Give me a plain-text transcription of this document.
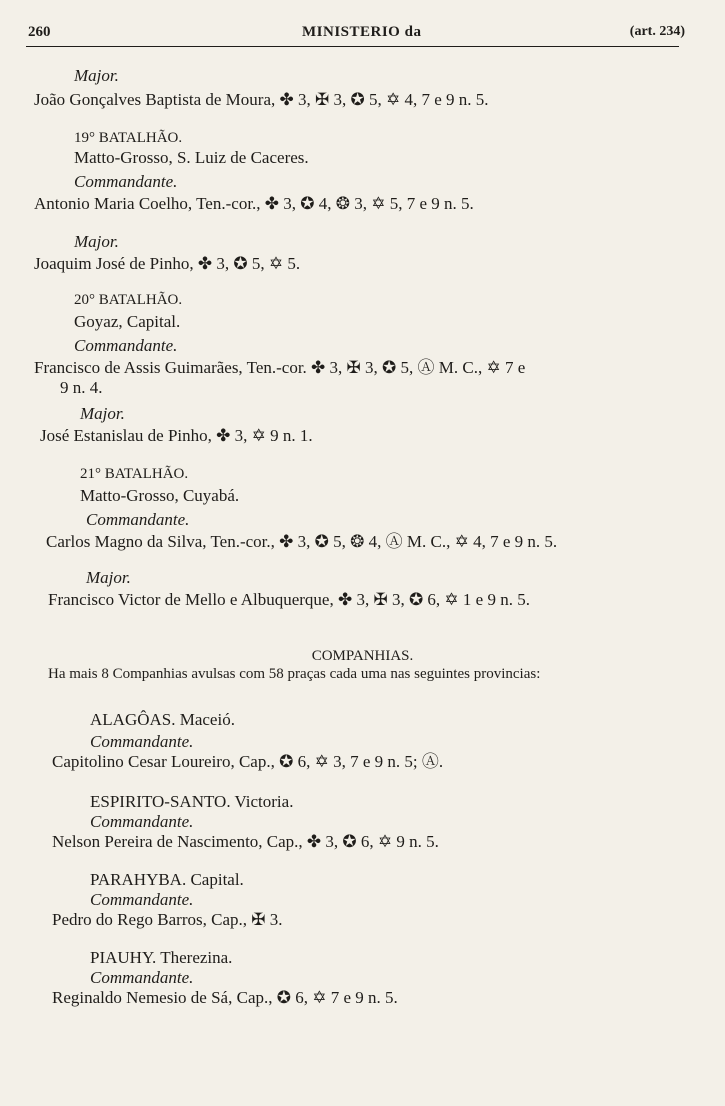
260	MINISTERIO da	(art. 234)
Major.
João Gonçalves Baptista de Moura, ✤ 3, ✠ 3, ✪ 5, ✡ 4, 7 e 9 n. 5.
19° BATALHÃO.
Matto-Grosso, S. Luiz de Caceres.
Commandante.
Antonio Maria Coelho, Ten.-cor., ✤ 3, ✪ 4, ❂ 3, ✡ 5, 7 e 9 n. 5.
Major.
Joaquim José de Pinho, ✤ 3, ✪ 5, ✡ 5.
20° BATALHÃO.
Goyaz, Capital.
Commandante.
Francisco de Assis Guimarães, Ten.-cor. ✤ 3, ✠ 3, ✪ 5, Ⓐ M. C., ✡ 7 e
9 n. 4.
Major.
José Estanislau de Pinho, ✤ 3, ✡ 9 n. 1.
21° BATALHÃO.
Matto-Grosso, Cuyabá.
Commandante.
Carlos Magno da Silva, Ten.-cor., ✤ 3, ✪ 5, ❂ 4, Ⓐ M. C., ✡ 4, 7 e 9 n. 5.
Major.
Francisco Victor de Mello e Albuquerque, ✤ 3, ✠ 3, ✪ 6, ✡ 1 e 9 n. 5.
COMPANHIAS.
Ha mais 8 Companhias avulsas com 58 praças cada uma nas seguintes provincias:
ALAGÔAS. Maceió.
Commandante.
Capitolino Cesar Loureiro, Cap., ✪ 6, ✡ 3, 7 e 9 n. 5; Ⓐ.
ESPIRITO-SANTO. Victoria.
Commandante.
Nelson Pereira de Nascimento, Cap., ✤ 3, ✪ 6, ✡ 9 n. 5.
PARAHYBA. Capital.
Commandante.
Pedro do Rego Barros, Cap., ✠ 3.
PIAUHY. Therezina.
Commandante.
Reginaldo Nemesio de Sá, Cap., ✪ 6, ✡ 7 e 9 n. 5.
